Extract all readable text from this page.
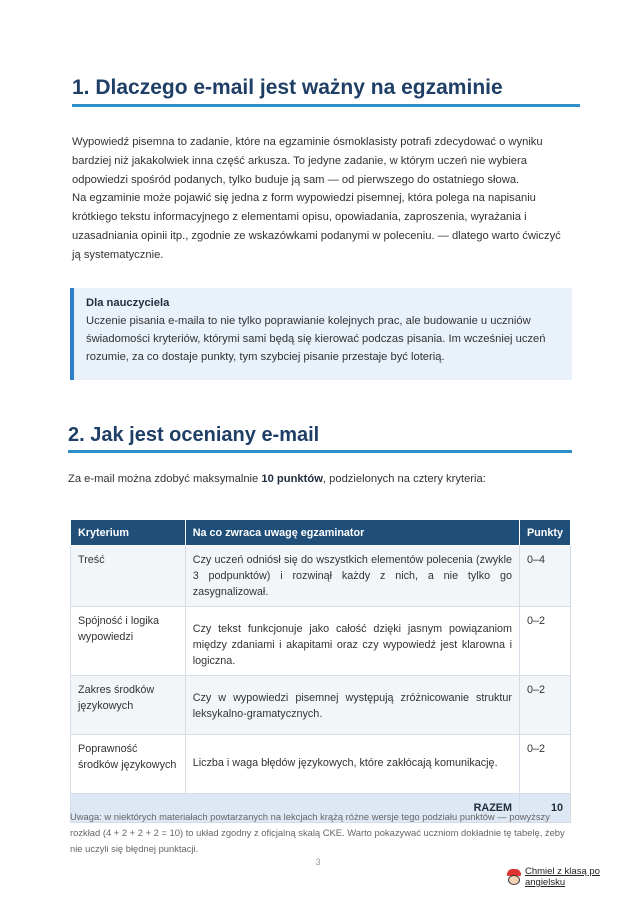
1. Dlaczego e-mail jest ważny na egzaminie

Wypowiedź pisemna to zadanie, które na egzaminie ósmoklasisty potrafi zdecydować o wyniku bardziej niż jakakolwiek inna część arkusza. To jedyne zadanie, w którym uczeń nie wybiera odpowiedzi spośród podanych, tylko buduje ją sam — od pierwszego do ostatniego słowa.

Na egzaminie może pojawić się jedna z form wypowiedzi pisemnej, która polega na napisaniu krótkiego tekstu informacyjnego z elementami opisu, opowiadania, zaproszenia, wyrażania i uzasadniania opinii itp., zgodnie ze wskazówkami podanymi w poleceniu. — dlatego warto ćwiczyć ją systematycznie.

Dla nauczyciela
Uczenie pisania e-maila to nie tylko poprawianie kolejnych prac, ale budowanie u uczniów świadomości kryteriów, którymi sami będą się kierować podczas pisania. Im wcześniej uczeń rozumie, za co dostaje punkty, tym szybciej pisanie przestaje być loterią.
2. Jak jest oceniany e-mail

Za e-mail można zdobyć maksymalnie 10 punktów, podzielonych na cztery kryteria:

Kryterium	Na co zwraca uwagę egzaminator	Punkty
Treść	Czy uczeń odniósł się do wszystkich elementów polecenia (zwykle 3 podpunktów) i rozwinął każdy z nich, a nie tylko go zasygnalizował.	0–4
Spójność i logika wypowiedzi	Czy tekst funkcjonuje jako całość dzięki jasnym powiązaniom między zdaniami i akapitami oraz czy wypowiedź jest klarowna i logiczna.	0–2
Zakres środków językowych	Czy w wypowiedzi pisemnej występują zróżnicowanie struktur leksykalno-gramatycznych.	0–2
Poprawność środków językowych	Liczba i waga błędów językowych, które zakłócają komunikację.	0–2
RAZEM		10

Uwaga: w niektórych materiałach powtarzanych na lekcjach krążą różne wersje tego podziału punktów — powyższy rozkład (4 + 2 + 2 + 2 = 10) to układ zgodny z oficjalną skalą CKE. Warto pokazywać uczniom dokładnie tę tabelę, żeby nie uczyli się błędnej punktacji.

3
Chmiel z klasą po angielsku
